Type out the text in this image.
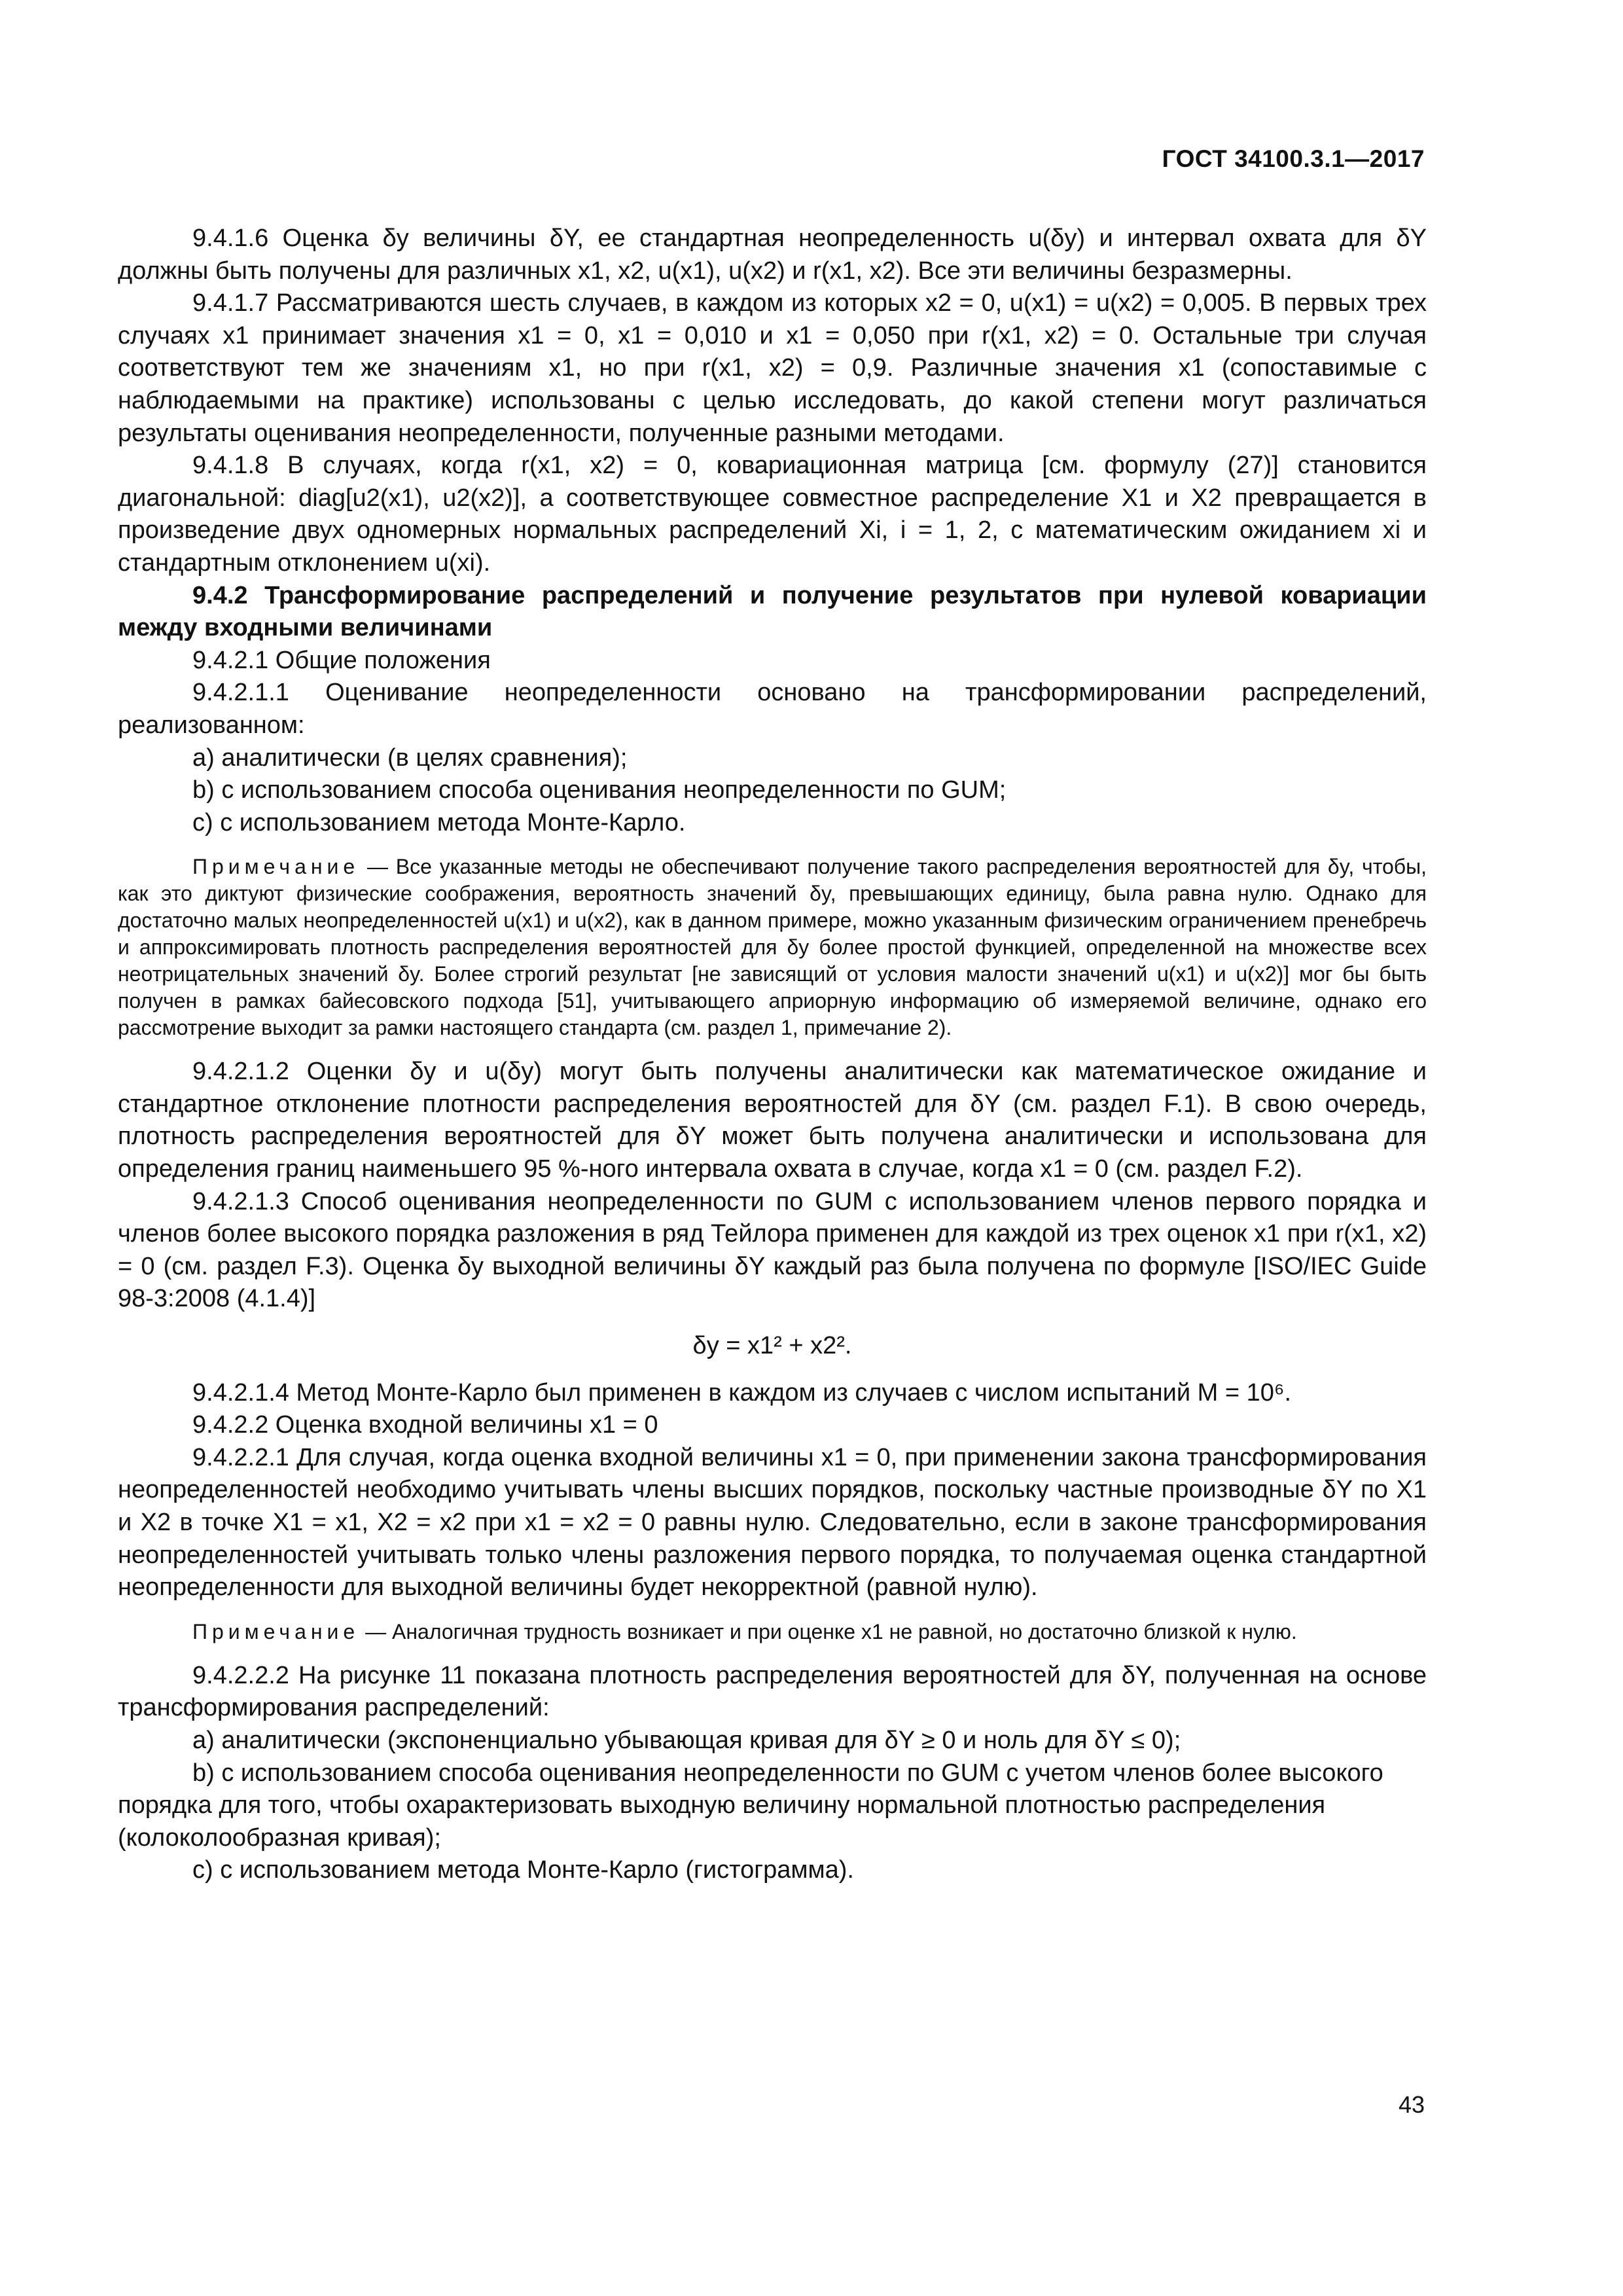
ГОСТ 34100.3.1—2017

9.4.1.6 Оценка δy величины δY, ее стандартная неопределенность u(δy) и интервал охвата для δY должны быть получены для различных x1, x2, u(x1), u(x2) и r(x1, x2). Все эти величины безразмерны.

9.4.1.7 Рассматриваются шесть случаев, в каждом из которых x2 = 0, u(x1) = u(x2) = 0,005. В первых трех случаях x1 принимает значения x1 = 0, x1 = 0,010 и x1 = 0,050 при r(x1, x2) = 0. Остальные три случая соответствуют тем же значениям x1, но при r(x1, x2) = 0,9. Различные значения x1 (сопоставимые с наблюдаемыми на практике) использованы с целью исследовать, до какой степени могут различаться результаты оценивания неопределенности, полученные разными методами.

9.4.1.8 В случаях, когда r(x1, x2) = 0, ковариационная матрица [см. формулу (27)] становится диагональной: diag[u2(x1), u2(x2)], а соответствующее совместное распределение X1 и X2 превращается в произведение двух одномерных нормальных распределений Xi, i = 1, 2, с математическим ожиданием xi и стандартным отклонением u(xi).

9.4.2 Трансформирование распределений и получение результатов при нулевой ковариации между входными величинами

9.4.2.1 Общие положения

9.4.2.1.1 Оценивание неопределенности основано на трансформировании распределений, реализованном:

a) аналитически (в целях сравнения);

b) с использованием способа оценивания неопределенности по GUM;

c) с использованием метода Монте-Карло.

Примечание — Все указанные методы не обеспечивают получение такого распределения вероятностей для δy, чтобы, как это диктуют физические соображения, вероятность значений δy, превышающих единицу, была равна нулю. Однако для достаточно малых неопределенностей u(x1) и u(x2), как в данном примере, можно указанным физическим ограничением пренебречь и аппроксимировать плотность распределения вероятностей для δy более простой функцией, определенной на множестве всех неотрицательных значений δy. Более строгий результат [не зависящий от условия малости значений u(x1) и u(x2)] мог бы быть получен в рамках байесовского подхода [51], учитывающего априорную информацию об измеряемой величине, однако его рассмотрение выходит за рамки настоящего стандарта (см. раздел 1, примечание 2).

9.4.2.1.2 Оценки δy и u(δy) могут быть получены аналитически как математическое ожидание и стандартное отклонение плотности распределения вероятностей для δY (см. раздел F.1). В свою очередь, плотность распределения вероятностей для δY может быть получена аналитически и использована для определения границ наименьшего 95 %-ного интервала охвата в случае, когда x1 = 0 (см. раздел F.2).

9.4.2.1.3 Способ оценивания неопределенности по GUM с использованием членов первого порядка и членов более высокого порядка разложения в ряд Тейлора применен для каждой из трех оценок x1 при r(x1, x2) = 0 (см. раздел F.3). Оценка δy выходной величины δY каждый раз была получена по формуле [ISO/IEC Guide 98-3:2008 (4.1.4)]

δy = x1² + x2².

9.4.2.1.4 Метод Монте-Карло был применен в каждом из случаев с числом испытаний M = 10⁶.

9.4.2.2 Оценка входной величины x1 = 0

9.4.2.2.1 Для случая, когда оценка входной величины x1 = 0, при применении закона трансформирования неопределенностей необходимо учитывать члены высших порядков, поскольку частные производные δY по X1 и X2 в точке X1 = x1, X2 = x2 при x1 = x2 = 0 равны нулю. Следовательно, если в законе трансформирования неопределенностей учитывать только члены разложения первого порядка, то получаемая оценка стандартной неопределенности для выходной величины будет некорректной (равной нулю).

Примечание — Аналогичная трудность возникает и при оценке x1 не равной, но достаточно близкой к нулю.

9.4.2.2.2 На рисунке 11 показана плотность распределения вероятностей для δY, полученная на основе трансформирования распределений:

a) аналитически (экспоненциально убывающая кривая для δY ≥ 0 и ноль для δY ≤ 0);

b) с использованием способа оценивания неопределенности по GUM с учетом членов более высокого порядка для того, чтобы охарактеризовать выходную величину нормальной плотностью распределения (колоколообразная кривая);

c) с использованием метода Монте-Карло (гистограмма).

43
